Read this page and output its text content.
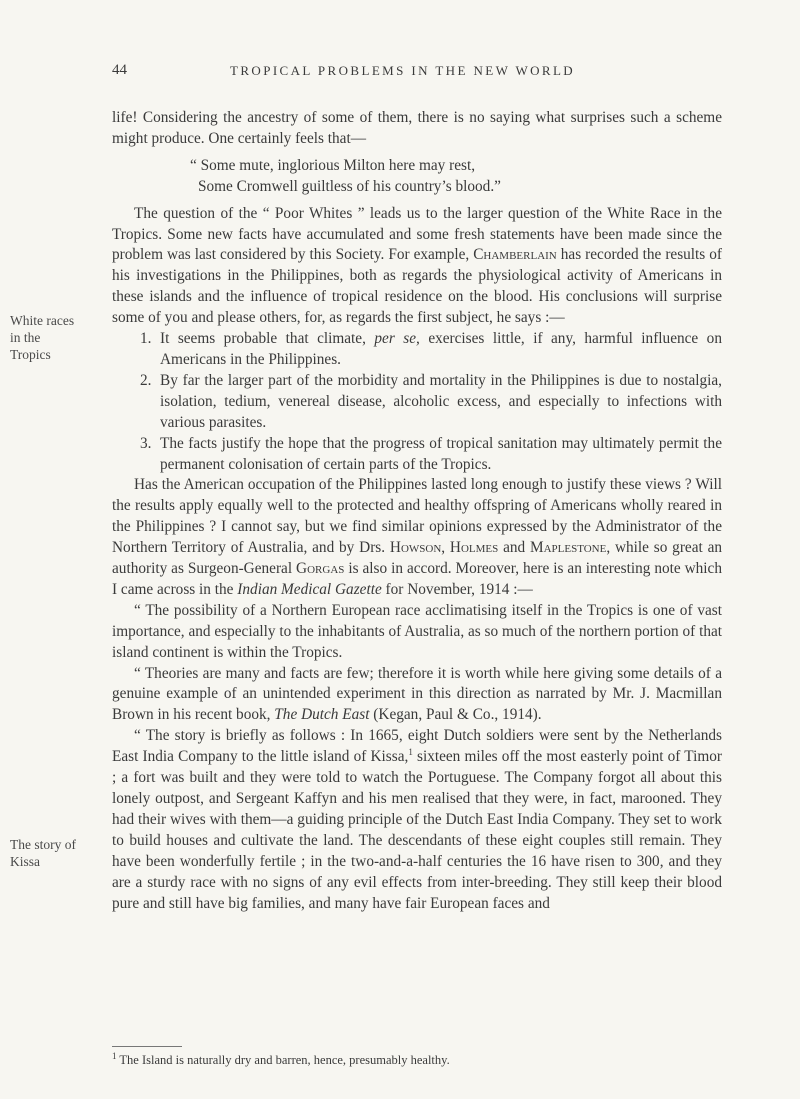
44	TROPICAL PROBLEMS IN THE NEW WORLD
White races in the Tropics
The story of Kissa

life! Considering the ancestry of some of them, there is no saying what surprises such a scheme might produce. One certainly feels that—

“ Some mute, inglorious Milton here may rest,
Some Cromwell guiltless of his country’s blood.”

The question of the “ Poor Whites ” leads us to the larger question of the White Race in the Tropics. Some new facts have accumulated and some fresh statements have been made since the problem was last considered by this Society. For example, Chamberlain has recorded the results of his investigations in the Philippines, both as regards the physiological activity of Americans in these islands and the influence of tropical residence on the blood. His conclusions will surprise some of you and please others, for, as regards the first subject, he says :—

1. It seems probable that climate, per se, exercises little, if any, harmful influence on Americans in the Philippines.
2. By far the larger part of the morbidity and mortality in the Philippines is due to nostalgia, isolation, tedium, venereal disease, alcoholic excess, and especially to infections with various parasites.
3. The facts justify the hope that the progress of tropical sanitation may ultimately permit the permanent colonisation of certain parts of the Tropics.

Has the American occupation of the Philippines lasted long enough to justify these views ? Will the results apply equally well to the protected and healthy offspring of Americans wholly reared in the Philippines ? I cannot say, but we find similar opinions expressed by the Administrator of the Northern Territory of Australia, and by Drs. Howson, Holmes and Maplestone, while so great an authority as Surgeon-General Gorgas is also in accord. Moreover, here is an interesting note which I came across in the Indian Medical Gazette for November, 1914 :—

“ The possibility of a Northern European race acclimatising itself in the Tropics is one of vast importance, and especially to the inhabitants of Australia, as so much of the northern portion of that island continent is within the Tropics.

“ Theories are many and facts are few; therefore it is worth while here giving some details of a genuine example of an unintended experiment in this direction as narrated by Mr. J. Macmillan Brown in his recent book, The Dutch East (Kegan, Paul & Co., 1914).

“ The story is briefly as follows : In 1665, eight Dutch soldiers were sent by the Netherlands East India Company to the little island of Kissa,$^1$ sixteen miles off the most easterly point of Timor ; a fort was built and they were told to watch the Portuguese. The Company forgot all about this lonely outpost, and Sergeant Kaffyn and his men realised that they were, in fact, marooned. They had their wives with them—a guiding principle of the Dutch East India Company. They set to work to build houses and cultivate the land. The descendants of these eight couples still remain. They have been wonderfully fertile ; in the two-and-a-half centuries the 16 have risen to 300, and they are a sturdy race with no signs of any evil effects from inter-breeding. They still keep their blood pure and still have big families, and many have fair European faces and

$^1$ The Island is naturally dry and barren, hence, presumably healthy.
